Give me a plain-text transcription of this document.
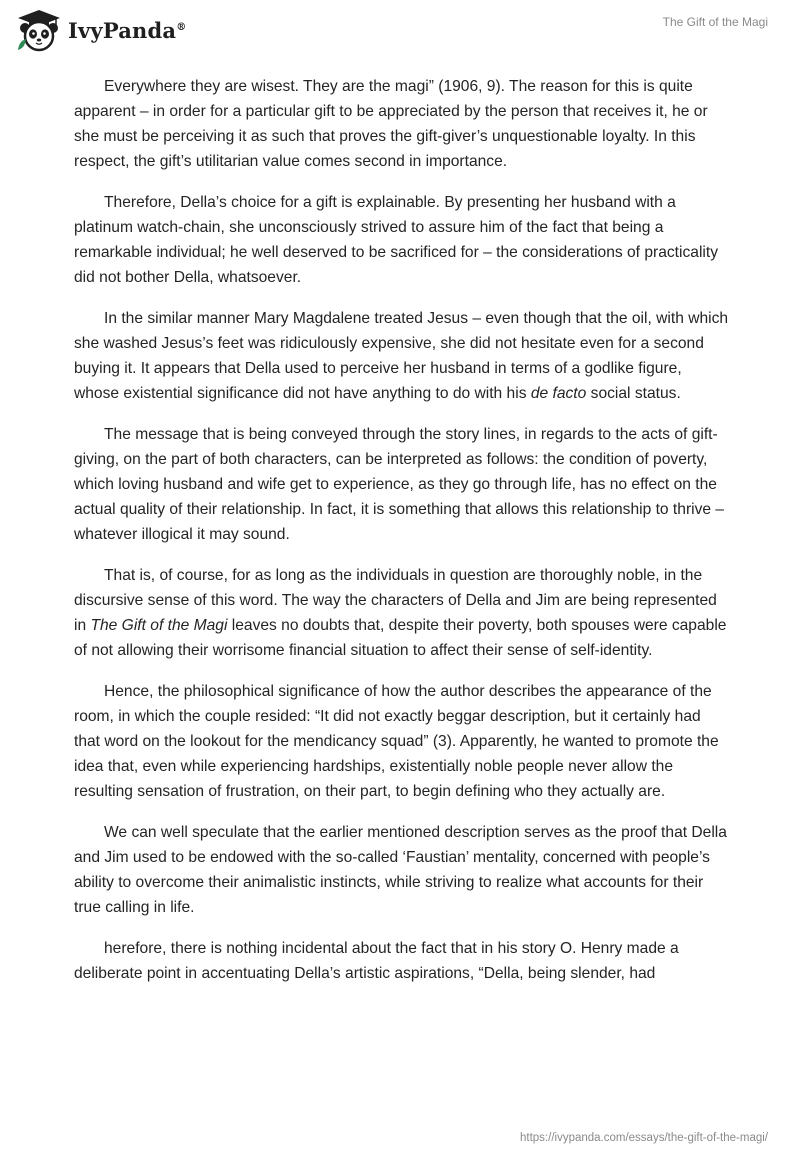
IvyPanda®	The Gift of the Magi

Everywhere they are wisest. They are the magi” (1906, 9). The reason for this is quite apparent – in order for a particular gift to be appreciated by the person that receives it, he or she must be perceiving it as such that proves the gift-giver’s unquestionable loyalty. In this respect, the gift’s utilitarian value comes second in importance.

Therefore, Della’s choice for a gift is explainable. By presenting her husband with a platinum watch-chain, she unconsciously strived to assure him of the fact that being a remarkable individual; he well deserved to be sacrificed for – the considerations of practicality did not bother Della, whatsoever.

In the similar manner Mary Magdalene treated Jesus – even though that the oil, with which she washed Jesus’s feet was ridiculously expensive, she did not hesitate even for a second buying it. It appears that Della used to perceive her husband in terms of a godlike figure, whose existential significance did not have anything to do with his de facto social status.

The message that is being conveyed through the story lines, in regards to the acts of gift-giving, on the part of both characters, can be interpreted as follows: the condition of poverty, which loving husband and wife get to experience, as they go through life, has no effect on the actual quality of their relationship. In fact, it is something that allows this relationship to thrive – whatever illogical it may sound.

That is, of course, for as long as the individuals in question are thoroughly noble, in the discursive sense of this word. The way the characters of Della and Jim are being represented in The Gift of the Magi leaves no doubts that, despite their poverty, both spouses were capable of not allowing their worrisome financial situation to affect their sense of self-identity.

Hence, the philosophical significance of how the author describes the appearance of the room, in which the couple resided: “It did not exactly beggar description, but it certainly had that word on the lookout for the mendicancy squad” (3). Apparently, he wanted to promote the idea that, even while experiencing hardships, existentially noble people never allow the resulting sensation of frustration, on their part, to begin defining who they actually are.

We can well speculate that the earlier mentioned description serves as the proof that Della and Jim used to be endowed with the so-called ‘Faustian’ mentality, concerned with people’s ability to overcome their animalistic instincts, while striving to realize what accounts for their true calling in life.

herefore, there is nothing incidental about the fact that in his story O. Henry made a deliberate point in accentuating Della’s artistic aspirations, “Della, being slender, had

https://ivypanda.com/essays/the-gift-of-the-magi/
